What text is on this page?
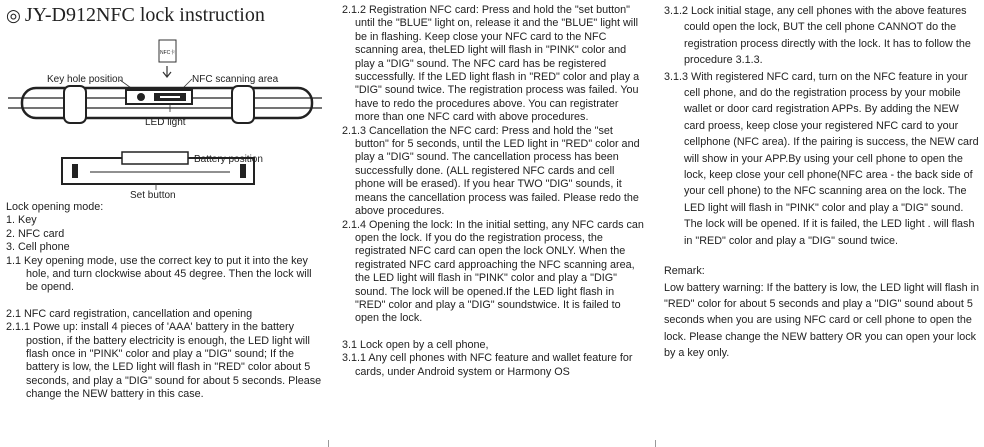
◎ JY-D912NFC lock instruction
NFC卡
Key hole position	NFC scanning area
LED light
Battery position
Set button

Lock opening mode:

1. Key

2. NFC card

3. Cell phone

1.1 Key opening mode, use the correct key to put it into the key hole, and turn clockwise about 45 degree. Then the lock will be opend.

2.1 NFC card registration, cancellation and opening

2.1.1 Powe up: install 4 pieces of 'AAA' battery in the battery postion, if the battery electricity is enough, the LED light will flash once in "PINK" color and play a "DIG" sound; If the battery is low, the LED light will flash in "RED" color about 5 seconds, and play a "DIG" sound for about 5 seconds. Please change the NEW battery in this case.

2.1.2 Registration NFC card: Press and hold the "set button" until the "BLUE" light on, release it and the "BLUE" light will be in flashing. Keep close your NFC card to the NFC scanning area, theLED light will flash in "PINK" color and play a "DIG" sound. The NFC card has be registered successfully. If the LED light flash in "RED" color and play a "DIG" sound twice. The registration process was failed. You have to redo the procedures above. You can registrater more than one NFC card with above procedures.

2.1.3 Cancellation the NFC card: Press and hold the "set button" for 5 seconds, until the LED light in "RED" color and play a "DIG" sound. The cancellation process has been successfully done. (ALL registered NFC cards and cell phone will be erased). If you hear TWO "DIG" sounds, it means the cancellation process was failed. Please redo the above procedures.

2.1.4 Opening the lock: In the initial setting, any NFC cards can open the lock. If you do the registration process, the registrated NFC card can open the lock ONLY. When the registrated NFC card approaching the NFC scanning area, the LED light will flash in "PINK" color and play a "DIG" sound. The lock will be opened.If the LED light flash in "RED" color and play a "DIG" soundstwice. It is failed to open the lock.

3.1 Lock open by a cell phone,

3.1.1 Any cell phones with NFC feature and wallet feature for cards, under Android system or Harmony OS

3.1.2 Lock initial stage, any cell phones with the above features could open the lock, BUT the cell phone CANNOT do the registration process directly with the lock. It has to follow the procedure 3.1.3.

3.1.3 With registered NFC card, turn on the NFC feature in your cell phone, and do the registration process by your mobile wallet or door card registration APPs. By adding the NEW card proess, keep close your registered NFC card to your cellphone (NFC area). If the pairing is success, the NEW card will show in your APP.By using your cell phone to open the lock, keep close your cell phone(NFC area - the back side of your cell phone) to the NFC scanning area on the lock. The LED light will flash in "PINK" color and play a "DIG" sound. The lock will be opened. If it is failed, the LED light . will flash in "RED" color and play a "DIG" sound twice.

Remark:

Low battery warning: If the battery is low, the LED light will flash in "RED" color for about 5 seconds and play a "DIG" sound about 5 seconds when you are using NFC card or cell phone to open the lock. Please change the NEW battery OR you can open your lock by a key only.
